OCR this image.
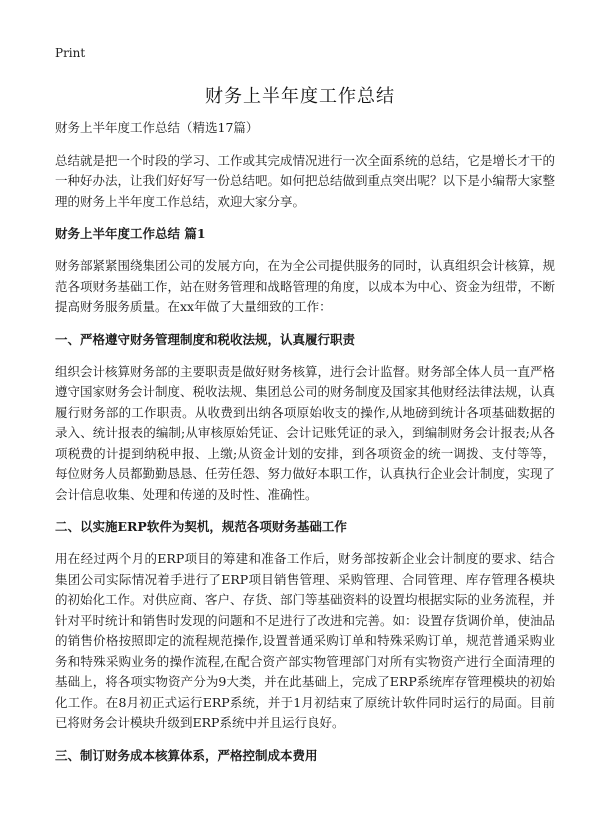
Print
财务上半年度工作总结

财务上半年度工作总结（精选17篇）

总结就是把一个时段的学习、工作或其完成情况进行一次全面系统的总结，它是增长才干的一种好办法，让我们好好写一份总结吧。如何把总结做到重点突出呢？以下是小编帮大家整理的财务上半年度工作总结，欢迎大家分享。

财务上半年度工作总结 篇1

财务部紧紧围绕集团公司的发展方向，在为全公司提供服务的同时，认真组织会计核算，规范各项财务基础工作，站在财务管理和战略管理的角度，以成本为中心、资金为纽带，不断提高财务服务质量。在xx年做了大量细致的工作：

一、严格遵守财务管理制度和税收法规，认真履行职责

组织会计核算财务部的主要职责是做好财务核算，进行会计监督。财务部全体人员一直严格遵守国家财务会计制度、税收法规、集团总公司的财务制度及国家其他财经法律法规，认真履行财务部的工作职责。从收费到出纳各项原始收支的操作,从地磅到统计各项基础数据的录入、统计报表的编制;从审核原始凭证、会计记账凭证的录入，到编制财务会计报表;从各项税费的计提到纳税申报、上缴;从资金计划的安排，到各项资金的统一调拨、支付等等，每位财务人员都勤勤恳恳、任劳任怨、努力做好本职工作，认真执行企业会计制度，实现了会计信息收集、处理和传递的及时性、准确性。

二、以实施ERP软件为契机，规范各项财务基础工作

用在经过两个月的ERP项目的筹建和准备工作后，财务部按新企业会计制度的要求、结合集团公司实际情况着手进行了ERP项目销售管理、采购管理、合同管理、库存管理各模块的初始化工作。对供应商、客户、存货、部门等基础资料的设置均根据实际的业务流程，并针对平时统计和销售时发现的问题和不足进行了改进和完善。如：设置存货调价单，使油品的销售价格按照即定的流程规范操作,设置普通采购订单和特殊采购订单，规范普通采购业务和特殊采购业务的操作流程,在配合资产部实物管理部门对所有实物资产进行全面清理的基础上，将各项实物资产分为9大类，并在此基础上，完成了ERP系统库存管理模块的初始化工作。在8月初正式运行ERP系统，并于1月初结束了原统计软件同时运行的局面。目前已将财务会计模块升级到ERP系统中并且运行良好。

三、制订财务成本核算体系，严格控制成本费用
